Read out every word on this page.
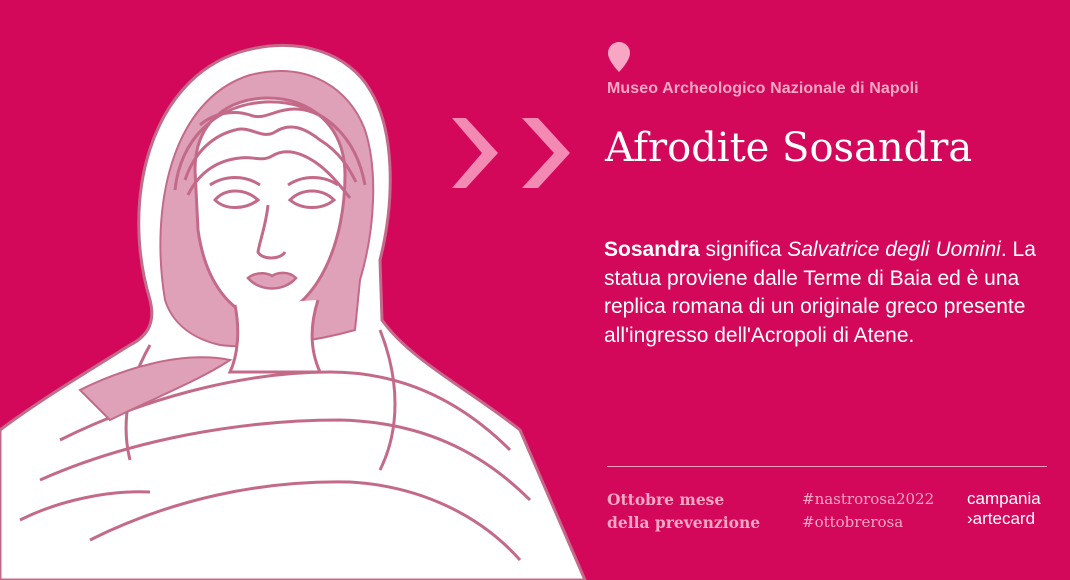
Museo Archeologico Nazionale di Napoli
Afrodite Sosandra
Sosandra significa Salvatrice degli Uomini. La statua proviene dalle Terme di Baia ed è una replica romana di un originale greco presente all'ingresso dell'Acropoli di Atene.
Ottobre mese
della prevenzione
#nastrorosa2022
#ottobrerosa
campania
›artecard
